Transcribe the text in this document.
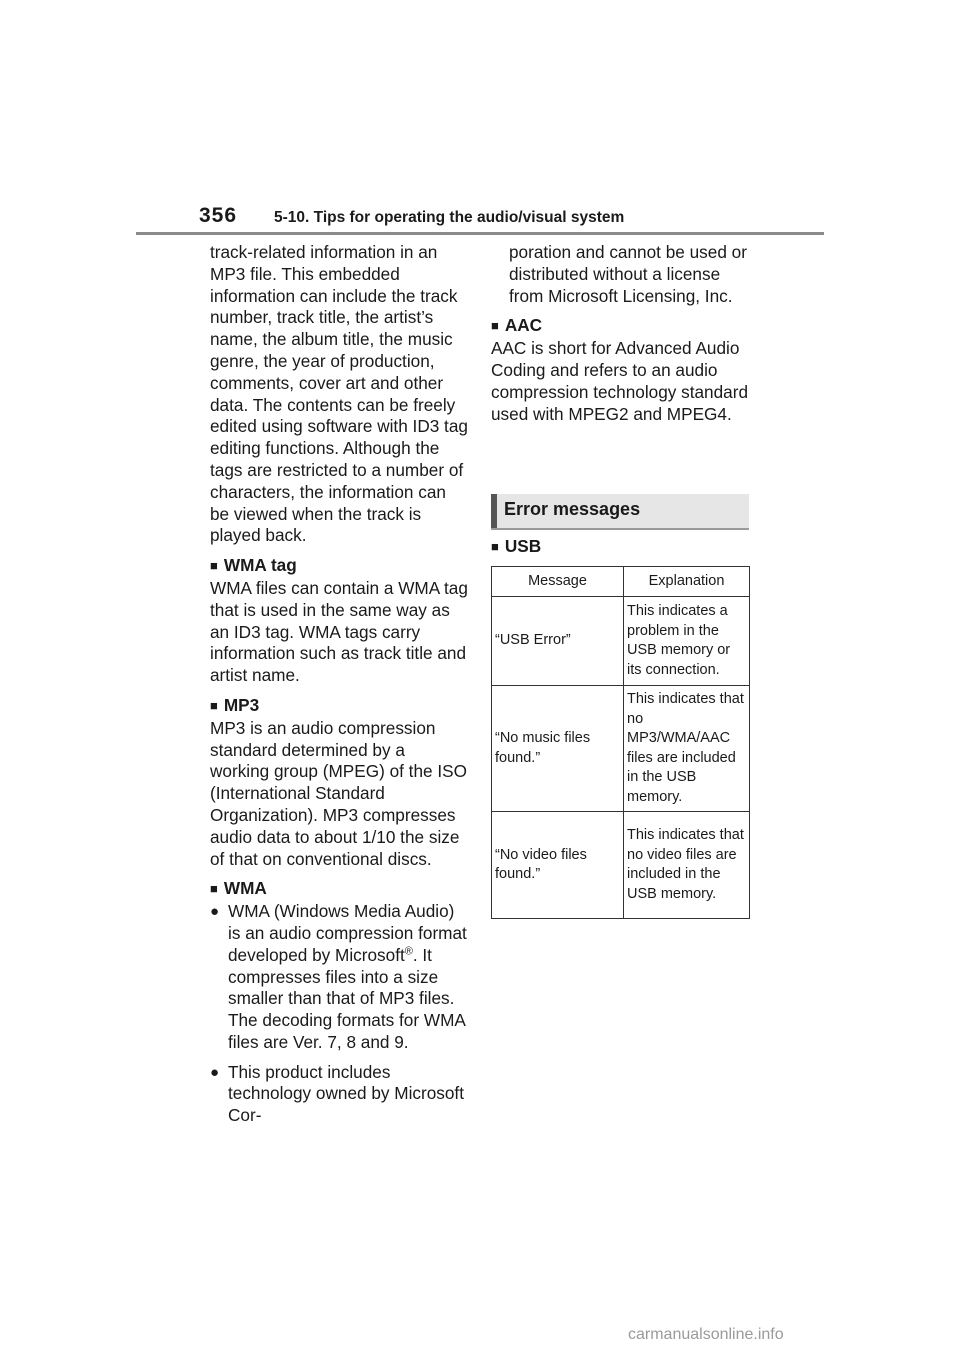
356 5-10. Tips for operating the audio/visual system

track-related information in an MP3 file. This embedded information can include the track number, track title, the artist’s name, the album title, the music genre, the year of production, comments, cover art and other data. The contents can be freely edited using software with ID3 tag editing functions. Although the tags are restricted to a number of characters, the information can be viewed when the track is played back.

■ WMA tag

WMA files can contain a WMA tag that is used in the same way as an ID3 tag. WMA tags carry information such as track title and artist name.

■ MP3

MP3 is an audio compression standard determined by a working group (MPEG) of the ISO (International Standard Organization). MP3 compresses audio data to about 1/10 the size of that on conventional discs.

■ WMA

● WMA (Windows Media Audio) is an audio compression format developed by Microsoft®. It compresses files into a size smaller than that of MP3 files. The decoding formats for WMA files are Ver. 7, 8 and 9.
● This product includes technology owned by Microsoft Cor-

poration and cannot be used or distributed without a license from Microsoft Licensing, Inc.

■ AAC

AAC is short for Advanced Audio Coding and refers to an audio compression technology standard used with MPEG2 and MPEG4.

Error messages
■ USB
Message	Explanation
“USB Error”	This indicates a problem in the USB memory or its connection.
“No music files found.”	This indicates that no MP3/WMA/AAC files are included in the USB memory.
“No video files found.”	This indicates that no video files are included in the USB memory.
carmanualsonline.info
